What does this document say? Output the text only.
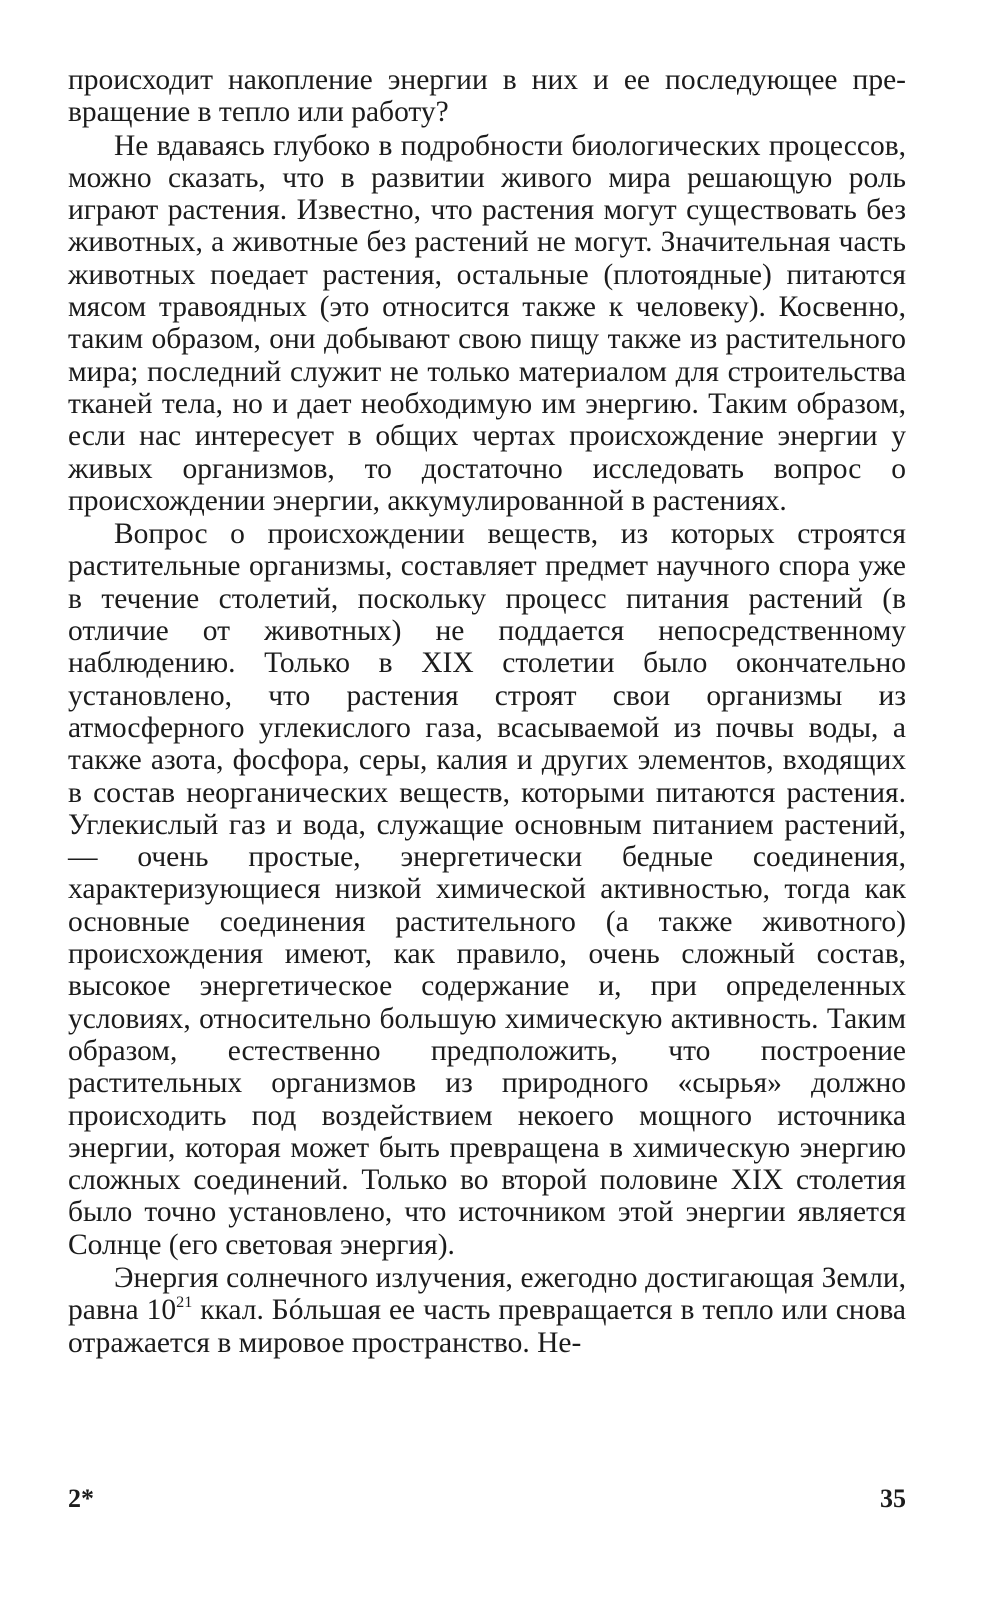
происходит накопление энергии в них и ее последующее превращение в тепло или работу?

Не вдаваясь глубоко в подробности биологических процессов, можно сказать, что в развитии живого мира решающую роль играют растения. Известно, что растения могут существовать без животных, а животные без растений не могут. Значительная часть животных поедает растения, остальные (плотоядные) питаются мясом травоядных (это относится также к человеку). Косвенно, таким образом, они добывают свою пищу также из растительного мира; последний служит не только материалом для строительства тканей тела, но и дает необходимую им энергию. Таким образом, если нас интересует в общих чертах происхождение энергии у живых организмов, то достаточно исследовать вопрос о происхождении энергии, аккумулированной в растениях.

Вопрос о происхождении веществ, из которых строятся растительные организмы, составляет предмет научного спора уже в течение столетий, поскольку процесс питания растений (в отличие от животных) не поддается непосредственному наблюдению. Только в XIX столетии было окончательно установлено, что растения строят свои организмы из атмосферного углекислого газа, всасываемой из почвы воды, а также азота, фосфора, серы, калия и других элементов, входящих в состав неорганических веществ, которыми питаются растения. Углекислый газ и вода, служащие основным питанием растений, — очень простые, энергетически бедные соединения, характеризующиеся низкой химической активностью, тогда как основные соединения растительного (а также животного) происхождения имеют, как правило, очень сложный состав, высокое энергетическое содержание и, при определенных условиях, относительно большую химическую активность. Таким образом, естественно предположить, что построение растительных организмов из природного «сырья» должно происходить под воздействием некоего мощного источника энергии, которая может быть превращена в химическую энергию сложных соединений. Только во второй половине XIX столетия было точно установлено, что источником этой энергии является Солнце (его световая энергия).

Энергия солнечного излучения, ежегодно достигающая Земли, равна $10^{21}$ ккал. Бóльшая ее часть превращается в тепло или снова отражается в мировое пространство. Не-

2*	35
